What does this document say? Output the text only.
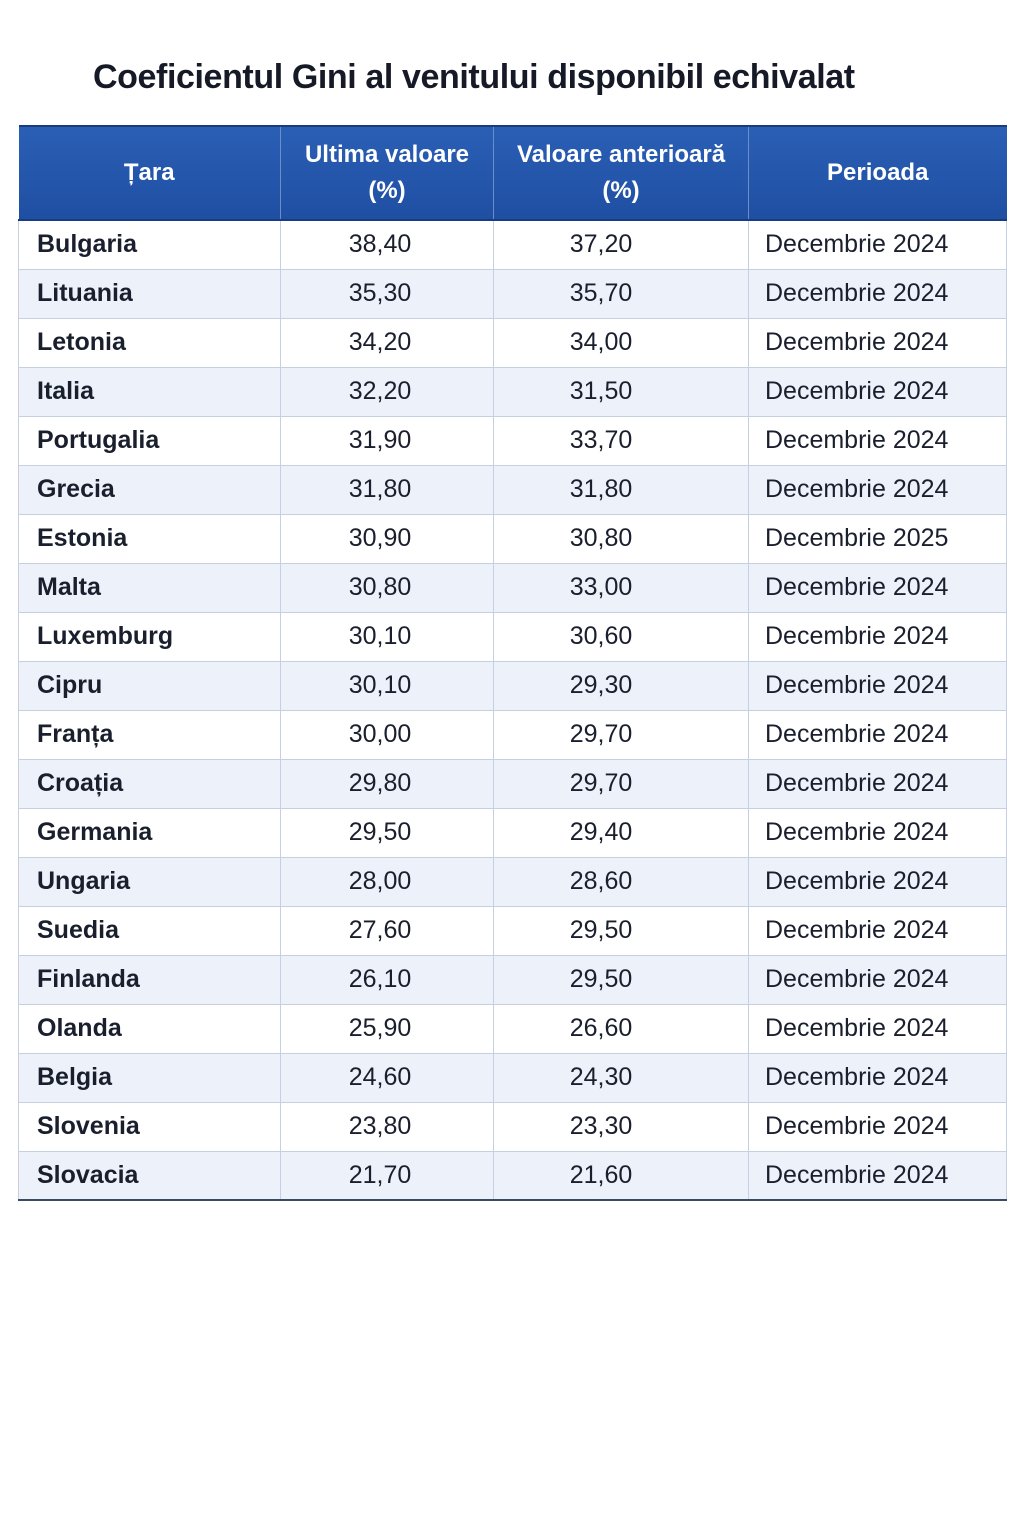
Coeficientul Gini al venitului disponibil echivalat
Țara	Ultima valoare (%)	Valoare anterioară (%)	Perioada
Bulgaria	38,40	37,20	Decembrie 2024
Lituania	35,30	35,70	Decembrie 2024
Letonia	34,20	34,00	Decembrie 2024
Italia	32,20	31,50	Decembrie 2024
Portugalia	31,90	33,70	Decembrie 2024
Grecia	31,80	31,80	Decembrie 2024
Estonia	30,90	30,80	Decembrie 2025
Malta	30,80	33,00	Decembrie 2024
Luxemburg	30,10	30,60	Decembrie 2024
Cipru	30,10	29,30	Decembrie 2024
Franța	30,00	29,70	Decembrie 2024
Croația	29,80	29,70	Decembrie 2024
Germania	29,50	29,40	Decembrie 2024
Ungaria	28,00	28,60	Decembrie 2024
Suedia	27,60	29,50	Decembrie 2024
Finlanda	26,10	29,50	Decembrie 2024
Olanda	25,90	26,60	Decembrie 2024
Belgia	24,60	24,30	Decembrie 2024
Slovenia	23,80	23,30	Decembrie 2024
Slovacia	21,70	21,60	Decembrie 2024
